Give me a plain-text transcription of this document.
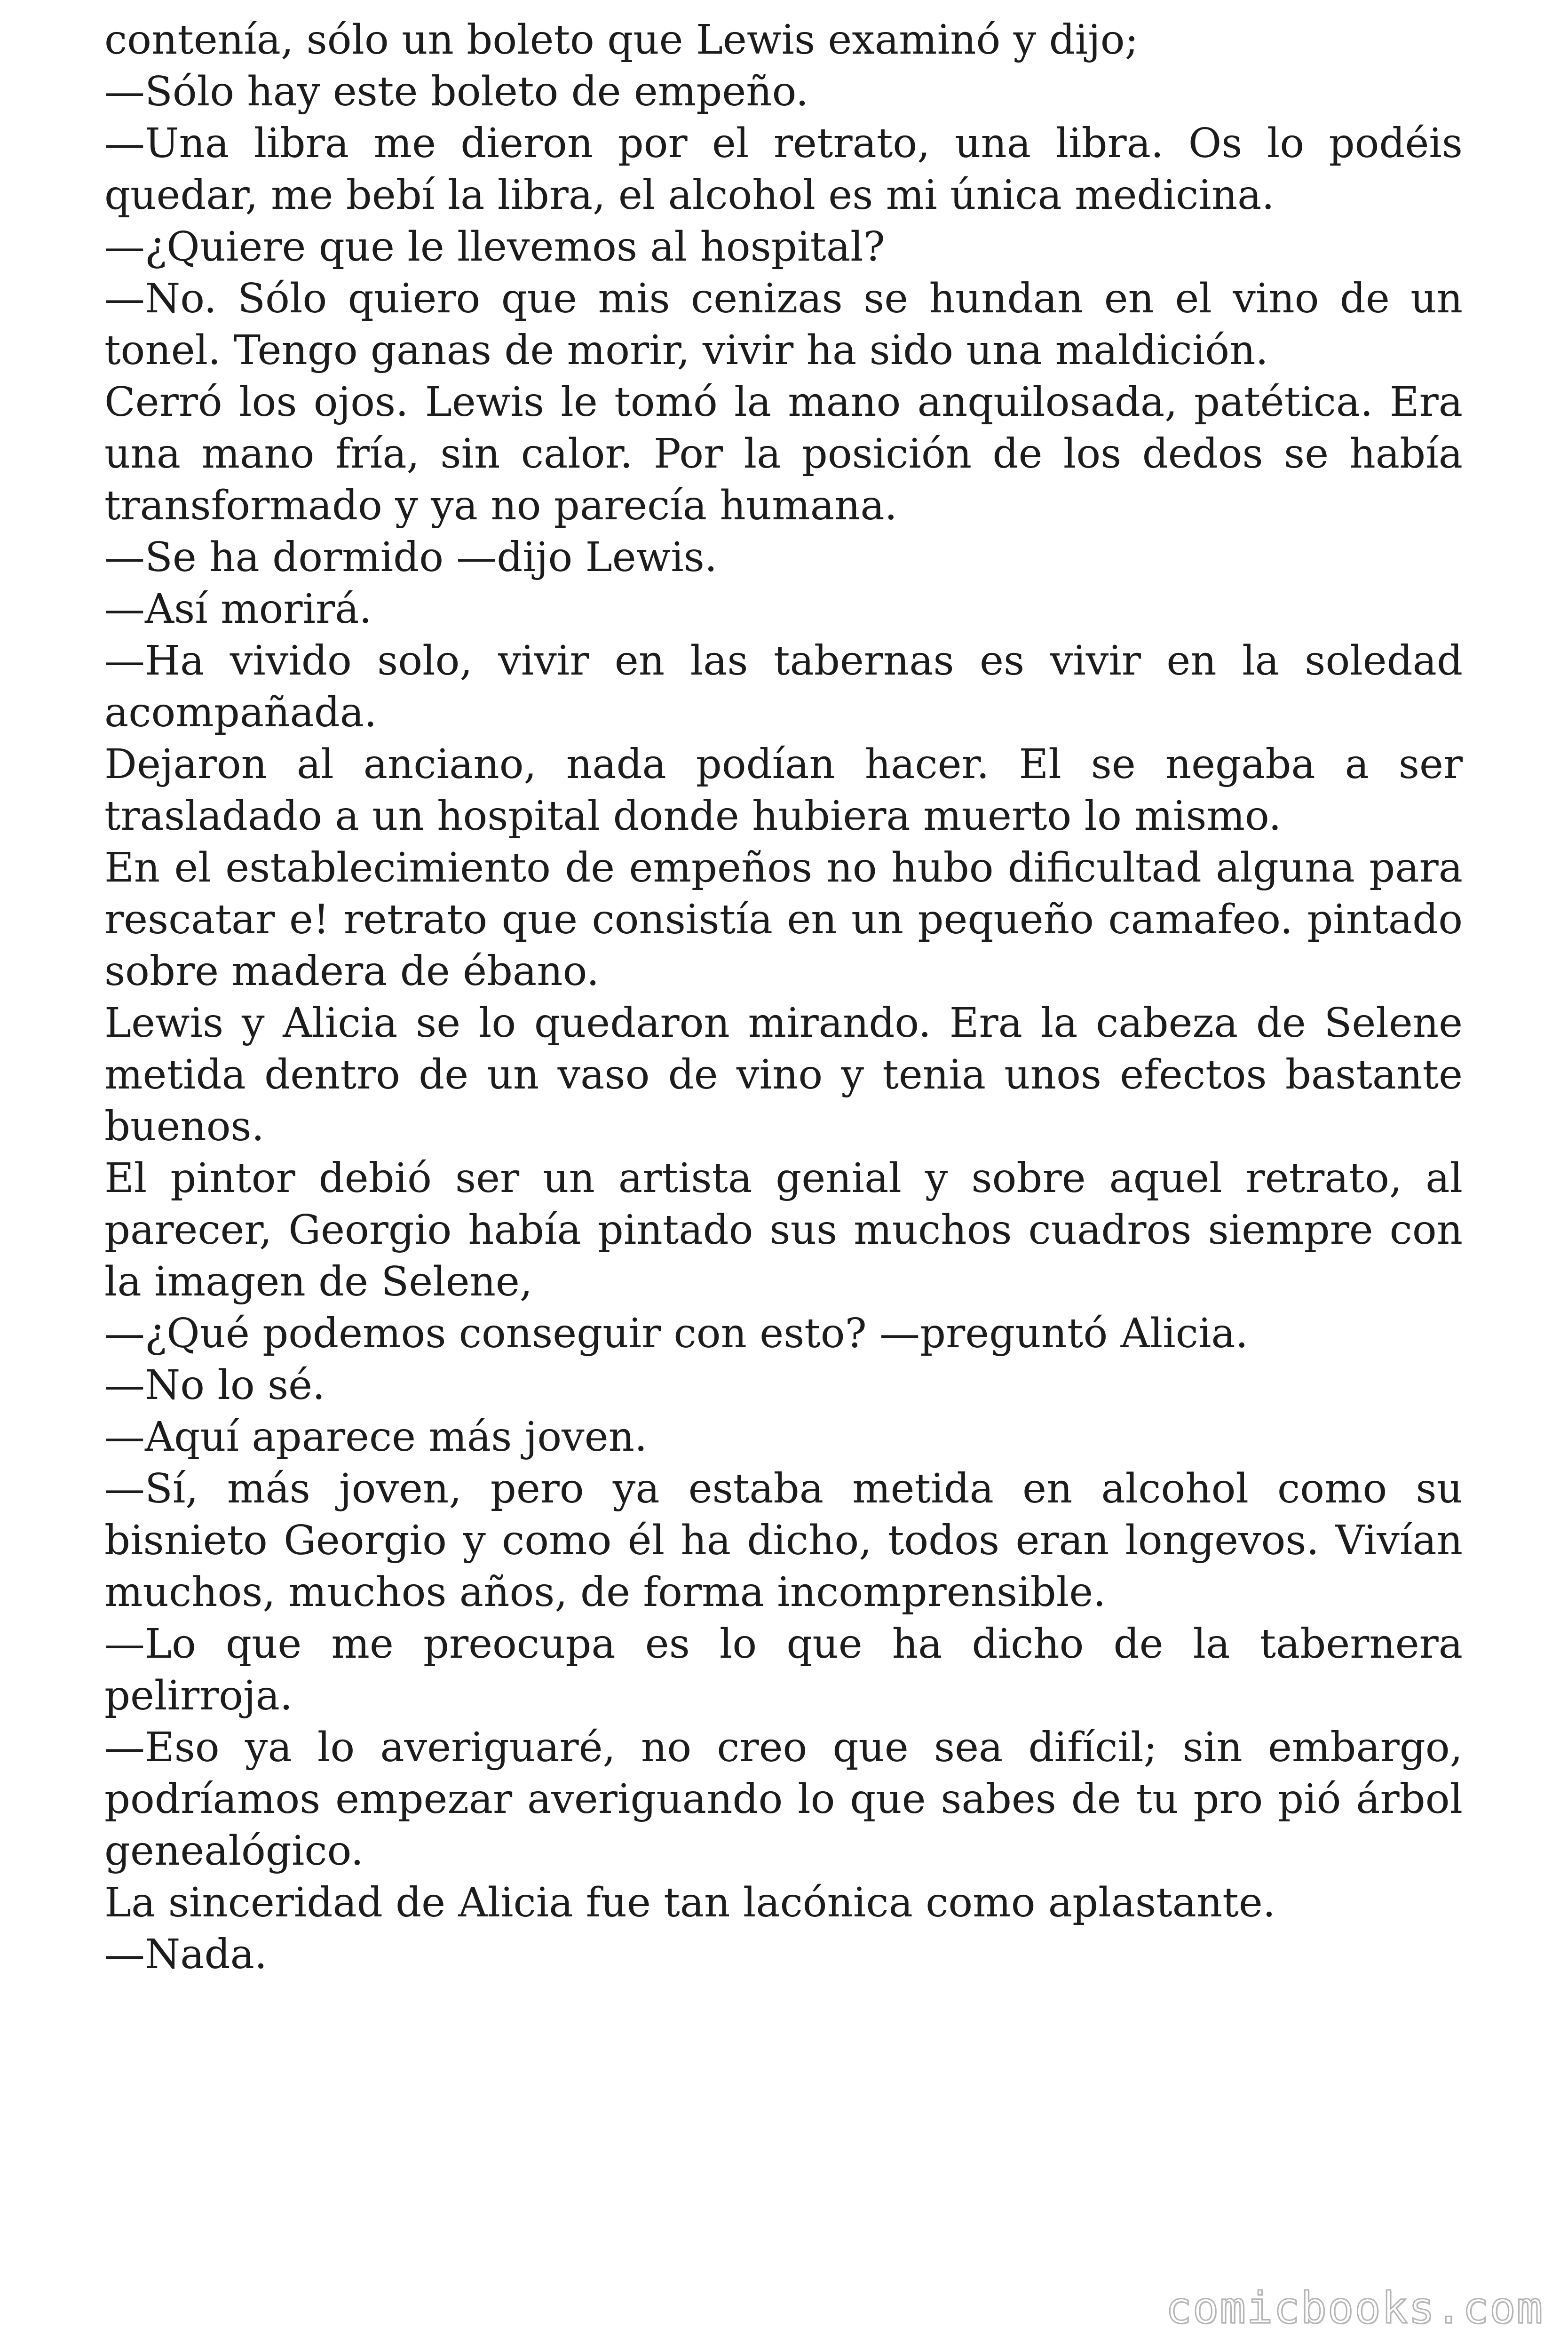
contenía, sólo un boleto que Lewis examinó y dijo;

—Sólo hay este boleto de empeño.

—Una libra me dieron por el retrato, una libra. Os lo podéis quedar, me bebí la libra, el alcohol es mi única medicina.

—¿Quiere que le llevemos al hospital?

—No. Sólo quiero que mis cenizas se hundan en el vino de un tonel. Tengo ganas de morir, vivir ha sido una maldición.

Cerró los ojos. Lewis le tomó la mano anquilosada, patética. Era una mano fría, sin calor. Por la posición de los dedos se había transformado y ya no parecía humana.

—Se ha dormido —dijo Lewis.

—Así morirá.

—Ha vivido solo, vivir en las tabernas es vivir en la soledad acompañada.

Dejaron al anciano, nada podían hacer. El se negaba a ser trasladado a un hospital donde hubiera muerto lo mismo.

En el establecimiento de empeños no hubo dificultad alguna para rescatar e! retrato que consistía en un pequeño camafeo. pintado sobre madera de ébano.

Lewis y Alicia se lo quedaron mirando. Era la cabeza de Selene metida dentro de un vaso de vino y tenia unos efectos bastante buenos.

El pintor debió ser un artista genial y sobre aquel retrato, al parecer, Georgio había pintado sus muchos cuadros siempre con la imagen de Selene,

—¿Qué podemos conseguir con esto? —preguntó Alicia.

—No lo sé.

—Aquí aparece más joven.

—Sí, más joven, pero ya estaba metida en alcohol como su bisnieto Georgio y como él ha dicho, todos eran longevos. Vivían muchos, muchos años, de forma incomprensible.

—Lo que me preocupa es lo que ha dicho de la tabernera pelirroja.

—Eso ya lo averiguaré, no creo que sea difícil; sin embargo, podríamos empezar averiguando lo que sabes de tu pro pió árbol genealógico.

La sinceridad de Alicia fue tan lacónica como aplastante.

—Nada.

comicbooks.com
